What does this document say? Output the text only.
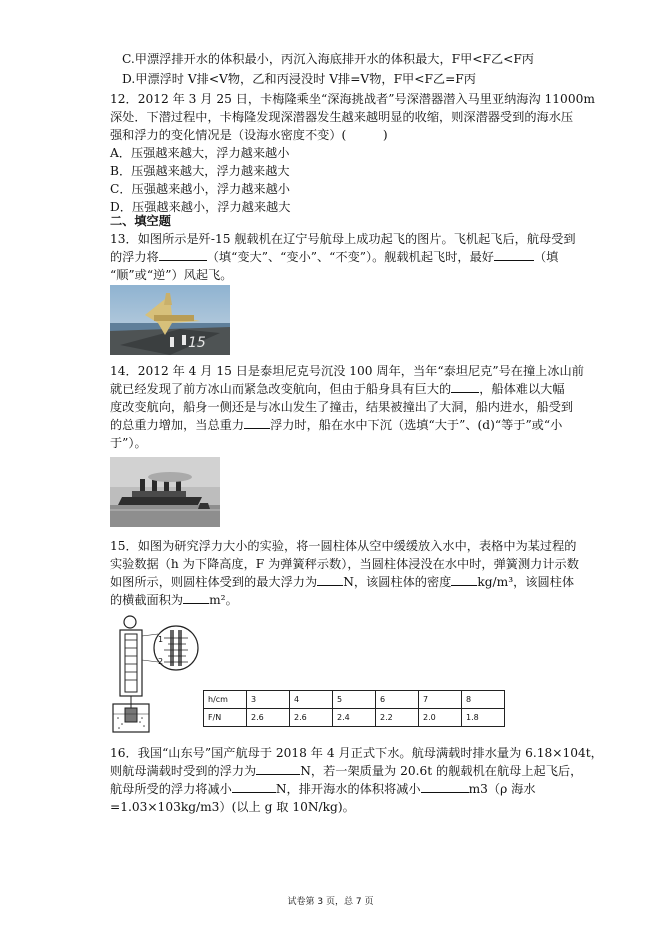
C.甲漂浮排开水的体积最小，丙沉入海底排开水的体积最大，F甲<F乙<F丙
D.甲漂浮时 V排<V物，乙和丙浸没时 V排=V物，F甲<F乙=F丙
12．2012 年 3 月 25 日，卡梅隆乘坐“深海挑战者”号深潜器潜入马里亚纳海沟 11000m
深处．下潜过程中，卡梅隆发现深潜器发生越来越明显的收缩，则深潜器受到的海水压
强和浮力的变化情况是（设海水密度不变）(　　　)
A．压强越来越大，浮力越来越小
B．压强越来越大，浮力越来越大
C．压强越来越小，浮力越来越小
D．压强越来越小，浮力越来越大
二、填空题
13．如图所示是歼-15 舰载机在辽宁号航母上成功起飞的图片。飞机起飞后，航母受到
的浮力将	（填“变大”、“变小”、“不变”）。舰载机起飞时，最好	（填
“顺”或“逆”）风起飞。
15
14．2012 年 4 月 15 日是泰坦尼克号沉没 100 周年，当年“泰坦尼克”号在撞上冰山前
就已经发现了前方冰山而紧急改变航向，但由于船身具有巨大的 ，船体难以大幅
度改变航向，船身一侧还是与冰山发生了撞击，结果被撞出了大洞，船内进水，船受到
的总重力增加，当总重力 浮力时，船在水中下沉（选填“大于”、(d)“等于”或“小
于”）。
15．如图为研究浮力大小的实验，将一圆柱体从空中缓缓放入水中，表格中为某过程的
实验数据（h 为下降高度，F 为弹簧秤示数），当圆柱体浸没在水中时，弹簧测力计示数
如图所示，则圆柱体受到的最大浮力为 N，该圆柱体的密度 kg/m³，该圆柱体
的横截面积为 m²。
1
2
h/cm	3	4	5	6	7	8
F/N	2.6	2.6	2.4	2.2	2.0	1.8
16．我国“山东号”国产航母于 2018 年 4 月正式下水。航母满载时排水量为 6.18×104t，
则航母满载时受到的浮力为	N，若一架质量为 20.6t 的舰载机在航母上起飞后，
航母所受的浮力将减小	N，排开海水的体积将减小	m3（ρ 海水
=1.03×103kg/m3）(以上 g 取 10N/kg)。
试卷第 3 页，总 7 页
